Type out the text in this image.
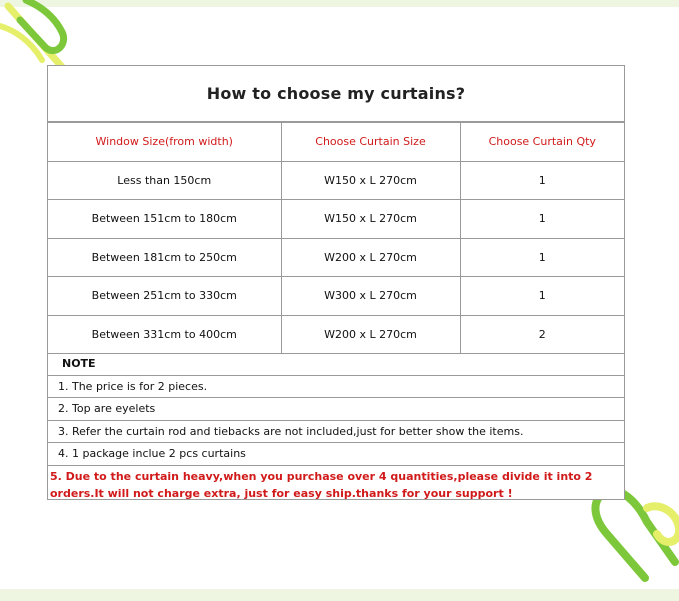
How to choose my curtains?
Window Size(from width)	Choose Curtain Size	Choose Curtain Qty
Less than 150cm	W150 x L 270cm	1
Between 151cm to 180cm	W150 x L 270cm	1
Between 181cm to 250cm	W200 x L 270cm	1
Between 251cm to 330cm	W300 x L 270cm	1
Between 331cm to 400cm	W200 x L 270cm	2
NOTE
1. The price is for 2 pieces.
2. Top are eyelets
3. Refer the curtain rod and tiebacks are not included,just for better show the items.
4. 1 package inclue 2 pcs curtains
5. Due to the curtain heavy,when you purchase over 4 quantities,please divide it into 2 orders.It will not charge extra, just for easy ship.thanks for your support !
